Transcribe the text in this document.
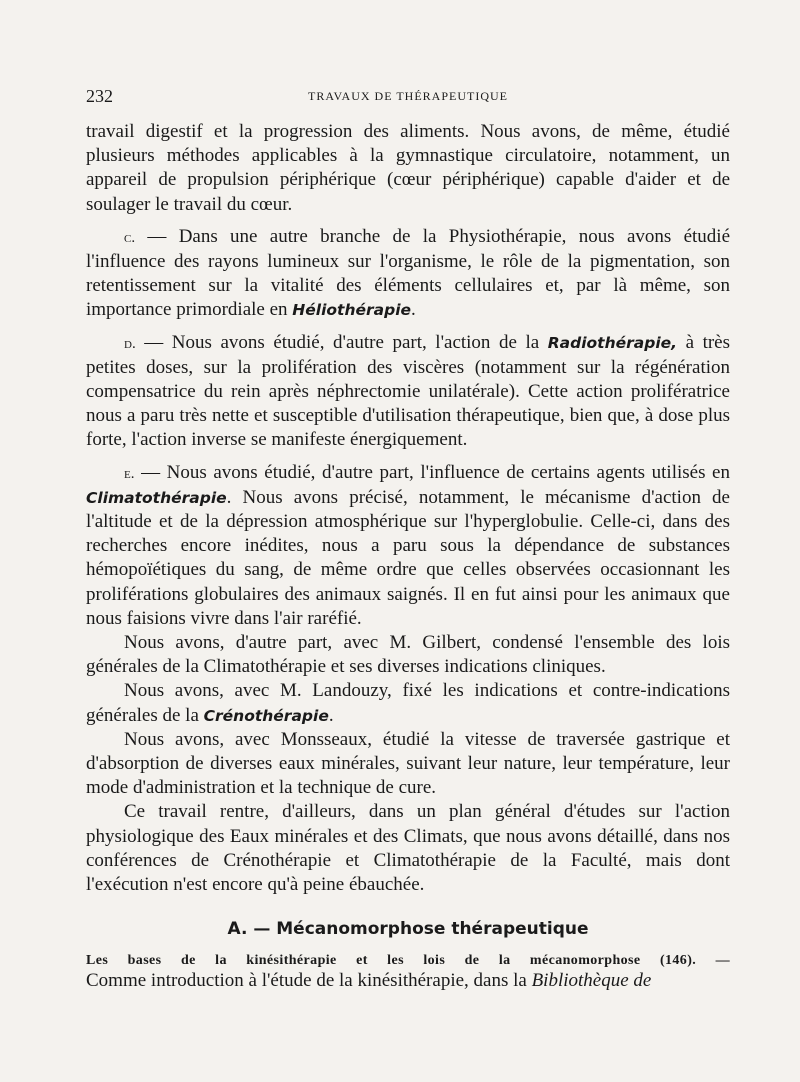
232	TRAVAUX DE THÉRAPEUTIQUE

travail digestif et la progression des aliments. Nous avons, de même, étudié plusieurs méthodes applicables à la gymnastique circulatoire, notamment, un appareil de propulsion périphérique (cœur périphérique) capable d'aider et de soulager le travail du cœur.

c. — Dans une autre branche de la Physiothérapie, nous avons étudié l'influence des rayons lumineux sur l'organisme, le rôle de la pigmentation, son retentissement sur la vitalité des éléments cellulaires et, par là même, son importance primordiale en Héliothérapie.

d. — Nous avons étudié, d'autre part, l'action de la Radiothérapie, à très petites doses, sur la prolifération des viscères (notamment sur la régénération compensatrice du rein après néphrectomie unilatérale). Cette action prolifératrice nous a paru très nette et susceptible d'utilisation thérapeutique, bien que, à dose plus forte, l'action inverse se manifeste énergiquement.

e. — Nous avons étudié, d'autre part, l'influence de certains agents utilisés en Climatothérapie. Nous avons précisé, notamment, le mécanisme d'action de l'altitude et de la dépression atmosphérique sur l'hyperglobulie. Celle-ci, dans des recherches encore inédites, nous a paru sous la dépendance de substances hémopoïétiques du sang, de même ordre que celles observées occasionnant les proliférations globulaires des animaux saignés. Il en fut ainsi pour les animaux que nous faisions vivre dans l'air raréfié.

Nous avons, d'autre part, avec M. Gilbert, condensé l'ensemble des lois générales de la Climatothérapie et ses diverses indications cliniques.

Nous avons, avec M. Landouzy, fixé les indications et contre-indications générales de la Crénothérapie.

Nous avons, avec Monsseaux, étudié la vitesse de traversée gastrique et d'absorption de diverses eaux minérales, suivant leur nature, leur température, leur mode d'administration et la technique de cure.

Ce travail rentre, d'ailleurs, dans un plan général d'études sur l'action physiologique des Eaux minérales et des Climats, que nous avons détaillé, dans nos conférences de Crénothérapie et Climatothérapie de la Faculté, mais dont l'exécution n'est encore qu'à peine ébauchée.

A. — Mécanomorphose thérapeutique

Les bases de la kinésithérapie et les lois de la mécanomorphose (146). —

Comme introduction à l'étude de la kinésithérapie, dans la Bibliothèque de
